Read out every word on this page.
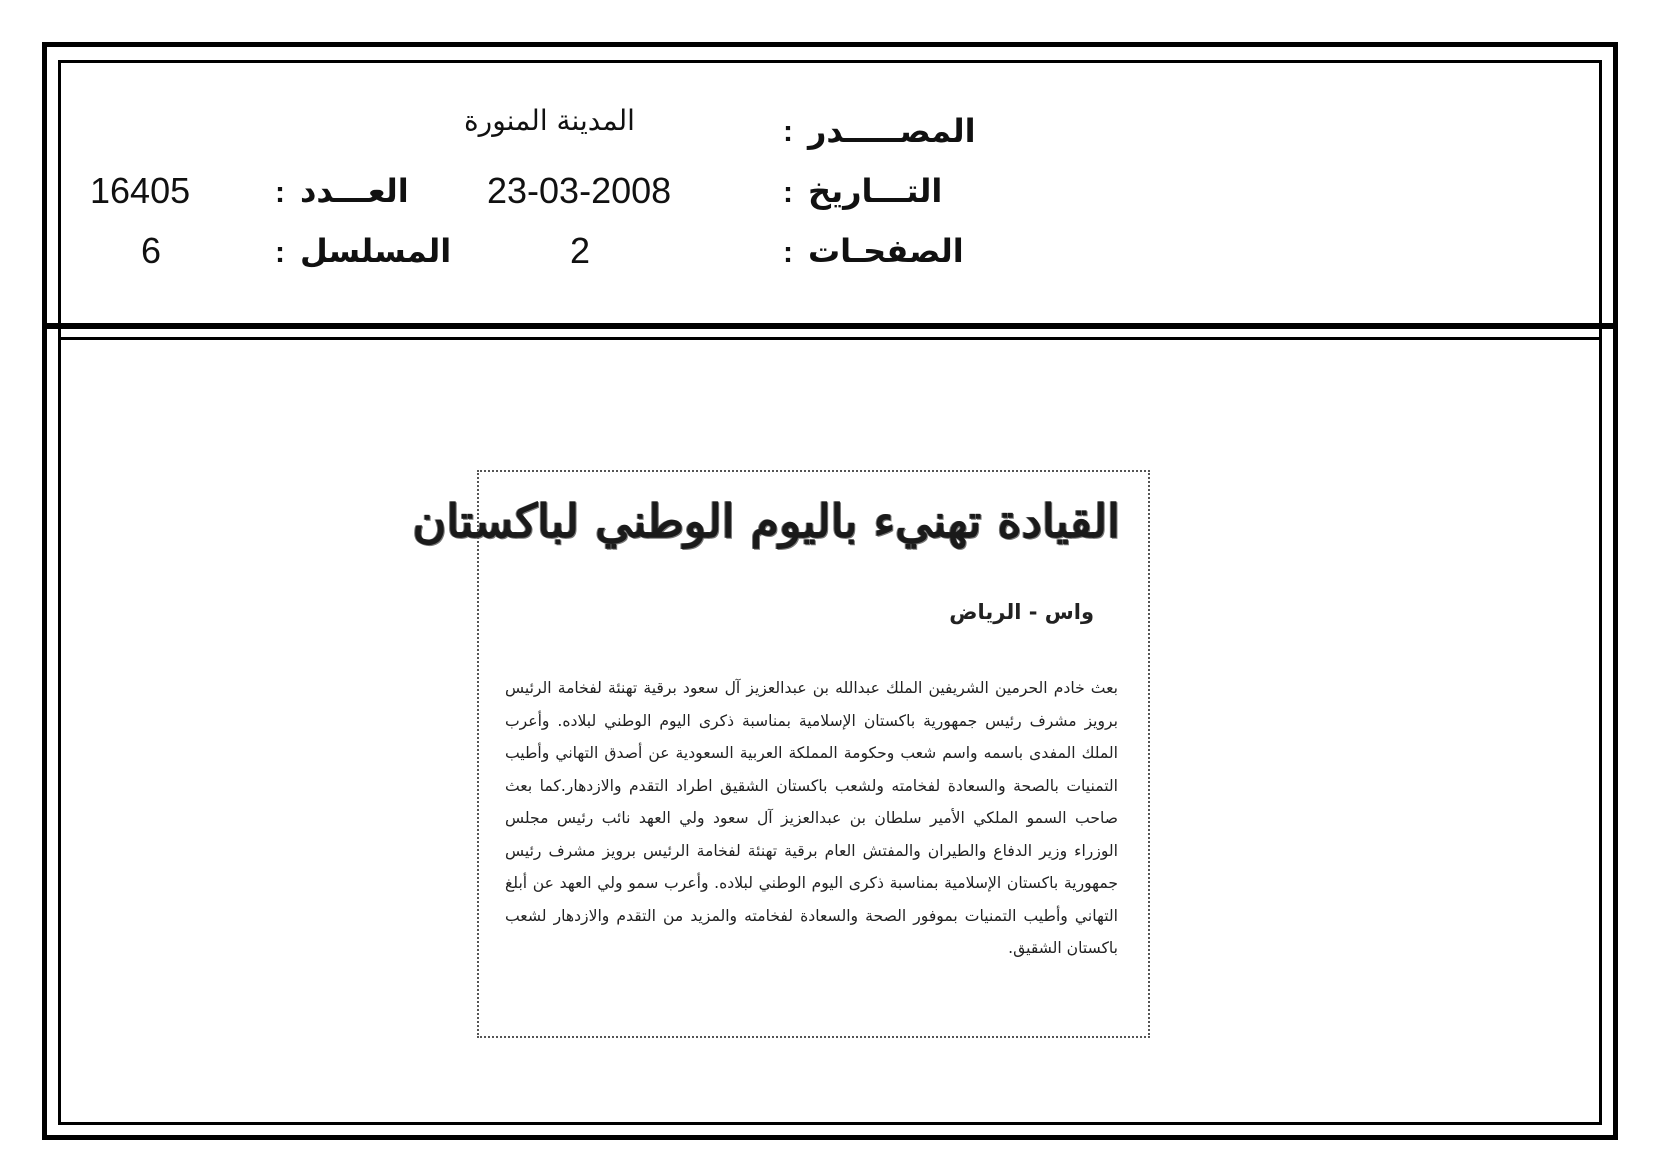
المصـــــدر
:
المدينة المنورة
التـــاريخ
:
23-03-2008
العـــدد
:
16405
الصفحـات
:
2
المسلسل
:
6
القيادة تهنيء باليوم الوطني لباكستان
واس - الرياض
بعث خادم الحرمين الشريفين الملك عبدالله بن عبدالعزيز آل سعود برقية تهنئة لفخامة الرئيس برويز مشرف رئيس جمهورية باكستان الإسلامية بمناسبة ذكرى اليوم الوطني لبلاده. وأعرب الملك المفدى باسمه واسم شعب وحكومة المملكة العربية السعودية عن أصدق التهاني وأطيب التمنيات بالصحة والسعادة لفخامته ولشعب باكستان الشقيق اطراد التقدم والازدهار.كما بعث صاحب السمو الملكي الأمير سلطان بن عبدالعزيز آل سعود ولي العهد نائب رئيس مجلس الوزراء وزير الدفاع والطيران والمفتش العام برقية تهنئة لفخامة الرئيس برويز مشرف رئيس جمهورية باكستان الإسلامية بمناسبة ذكرى اليوم الوطني لبلاده. وأعرب سمو ولي العهد عن أبلغ التهاني وأطيب التمنيات بموفور الصحة والسعادة لفخامته والمزيد من التقدم والازدهار لشعب باكستان الشقيق.
